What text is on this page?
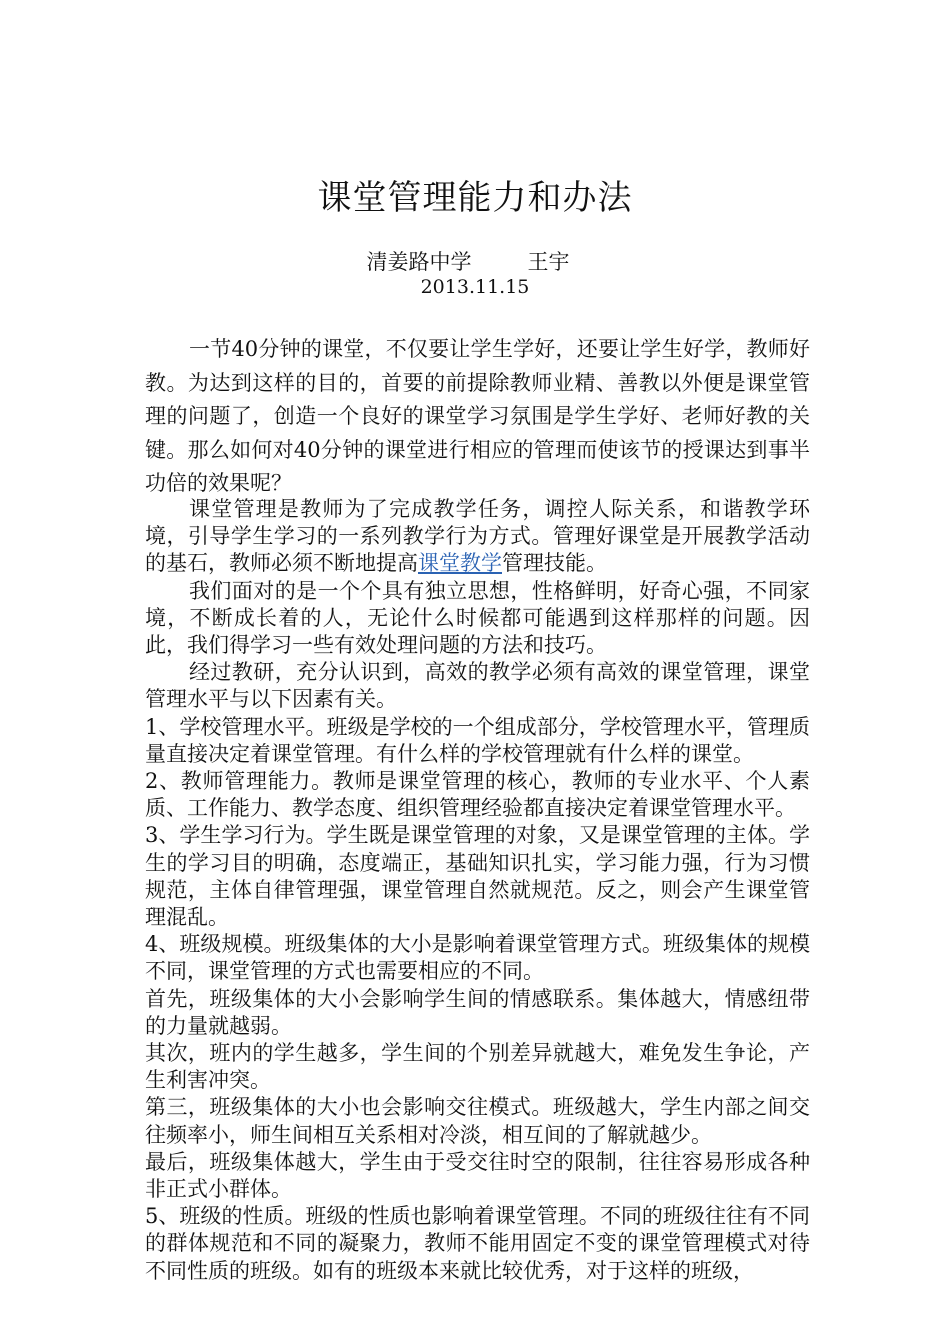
课堂管理能力和办法
清姜路中学	王宇
2013.11.15

一节40分钟的课堂，不仅要让学生学好，还要让学生好学，教师好教。为达到这样的目的，首要的前提除教师业精、善教以外便是课堂管理的问题了，创造一个良好的课堂学习氛围是学生学好、老师好教的关键。那么如何对40分钟的课堂进行相应的管理而使该节的授课达到事半功倍的效果呢？

课堂管理是教师为了完成教学任务，调控人际关系，和谐教学环境，引导学生学习的一系列教学行为方式。管理好课堂是开展教学活动的基石，教师必须不断地提高课堂教学管理技能。

我们面对的是一个个具有独立思想，性格鲜明，好奇心强，不同家境，不断成长着的人，无论什么时候都可能遇到这样那样的问题。因此，我们得学习一些有效处理问题的方法和技巧。

经过教研，充分认识到，高效的教学必须有高效的课堂管理，课堂管理水平与以下因素有关。

1、学校管理水平。班级是学校的一个组成部分，学校管理水平，管理质量直接决定着课堂管理。有什么样的学校管理就有什么样的课堂。

2、教师管理能力。教师是课堂管理的核心，教师的专业水平、个人素质、工作能力、教学态度、组织管理经验都直接决定着课堂管理水平。

3、学生学习行为。学生既是课堂管理的对象，又是课堂管理的主体。学生的学习目的明确，态度端正，基础知识扎实，学习能力强，行为习惯规范，主体自律管理强，课堂管理自然就规范。反之，则会产生课堂管理混乱。

4、班级规模。班级集体的大小是影响着课堂管理方式。班级集体的规模不同，课堂管理的方式也需要相应的不同。

首先，班级集体的大小会影响学生间的情感联系。集体越大，情感纽带的力量就越弱。

其次，班内的学生越多，学生间的个别差异就越大，难免发生争论，产生利害冲突。

第三，班级集体的大小也会影响交往模式。班级越大，学生内部之间交往频率小，师生间相互关系相对冷淡，相互间的了解就越少。

最后，班级集体越大，学生由于受交往时空的限制，往往容易形成各种非正式小群体。

5、班级的性质。班级的性质也影响着课堂管理。不同的班级往往有不同的群体规范和不同的凝聚力，教师不能用固定不变的课堂管理模式对待不同性质的班级。如有的班级本来就比较优秀，对于这样的班级，
